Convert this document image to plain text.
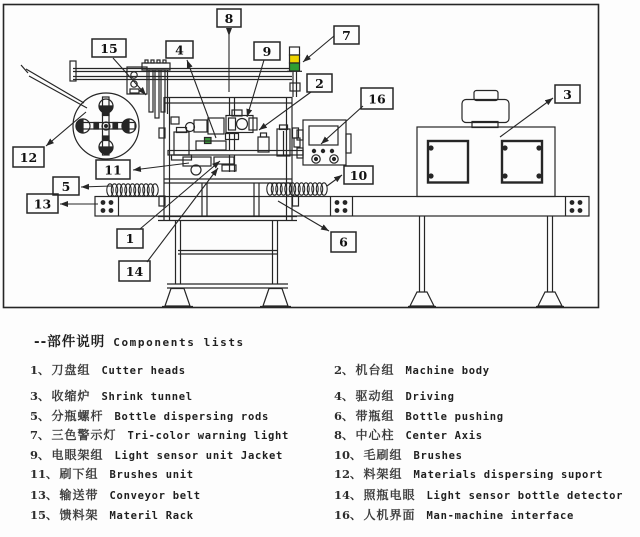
1
2
3
4
5
6
7
8
9
10
11
12
13
14
15
16
--部件说明 Components lists
1、 刀盘组 Cutter heads	2、 机台组 Machine body
3、 收缩炉 Shrink tunnel	4、 驱动组 Driving
5、 分瓶螺杆 Bottle dispersing rods	6、 带瓶组 Bottle pushing
7、 三色警示灯 Tri-color warning light	8、 中心柱 Center Axis
9、 电眼架组 Light sensor unit Jacket	10、 毛刷组 Brushes
11、 刷下组 Brushes unit	12、 料架组 Materials dispersing suport
13、 输送带 Conveyor belt	14、 照瓶电眼 Light sensor bottle detector
15、 馈料架 Materil Rack	16、 人机界面 Man-machine interface
